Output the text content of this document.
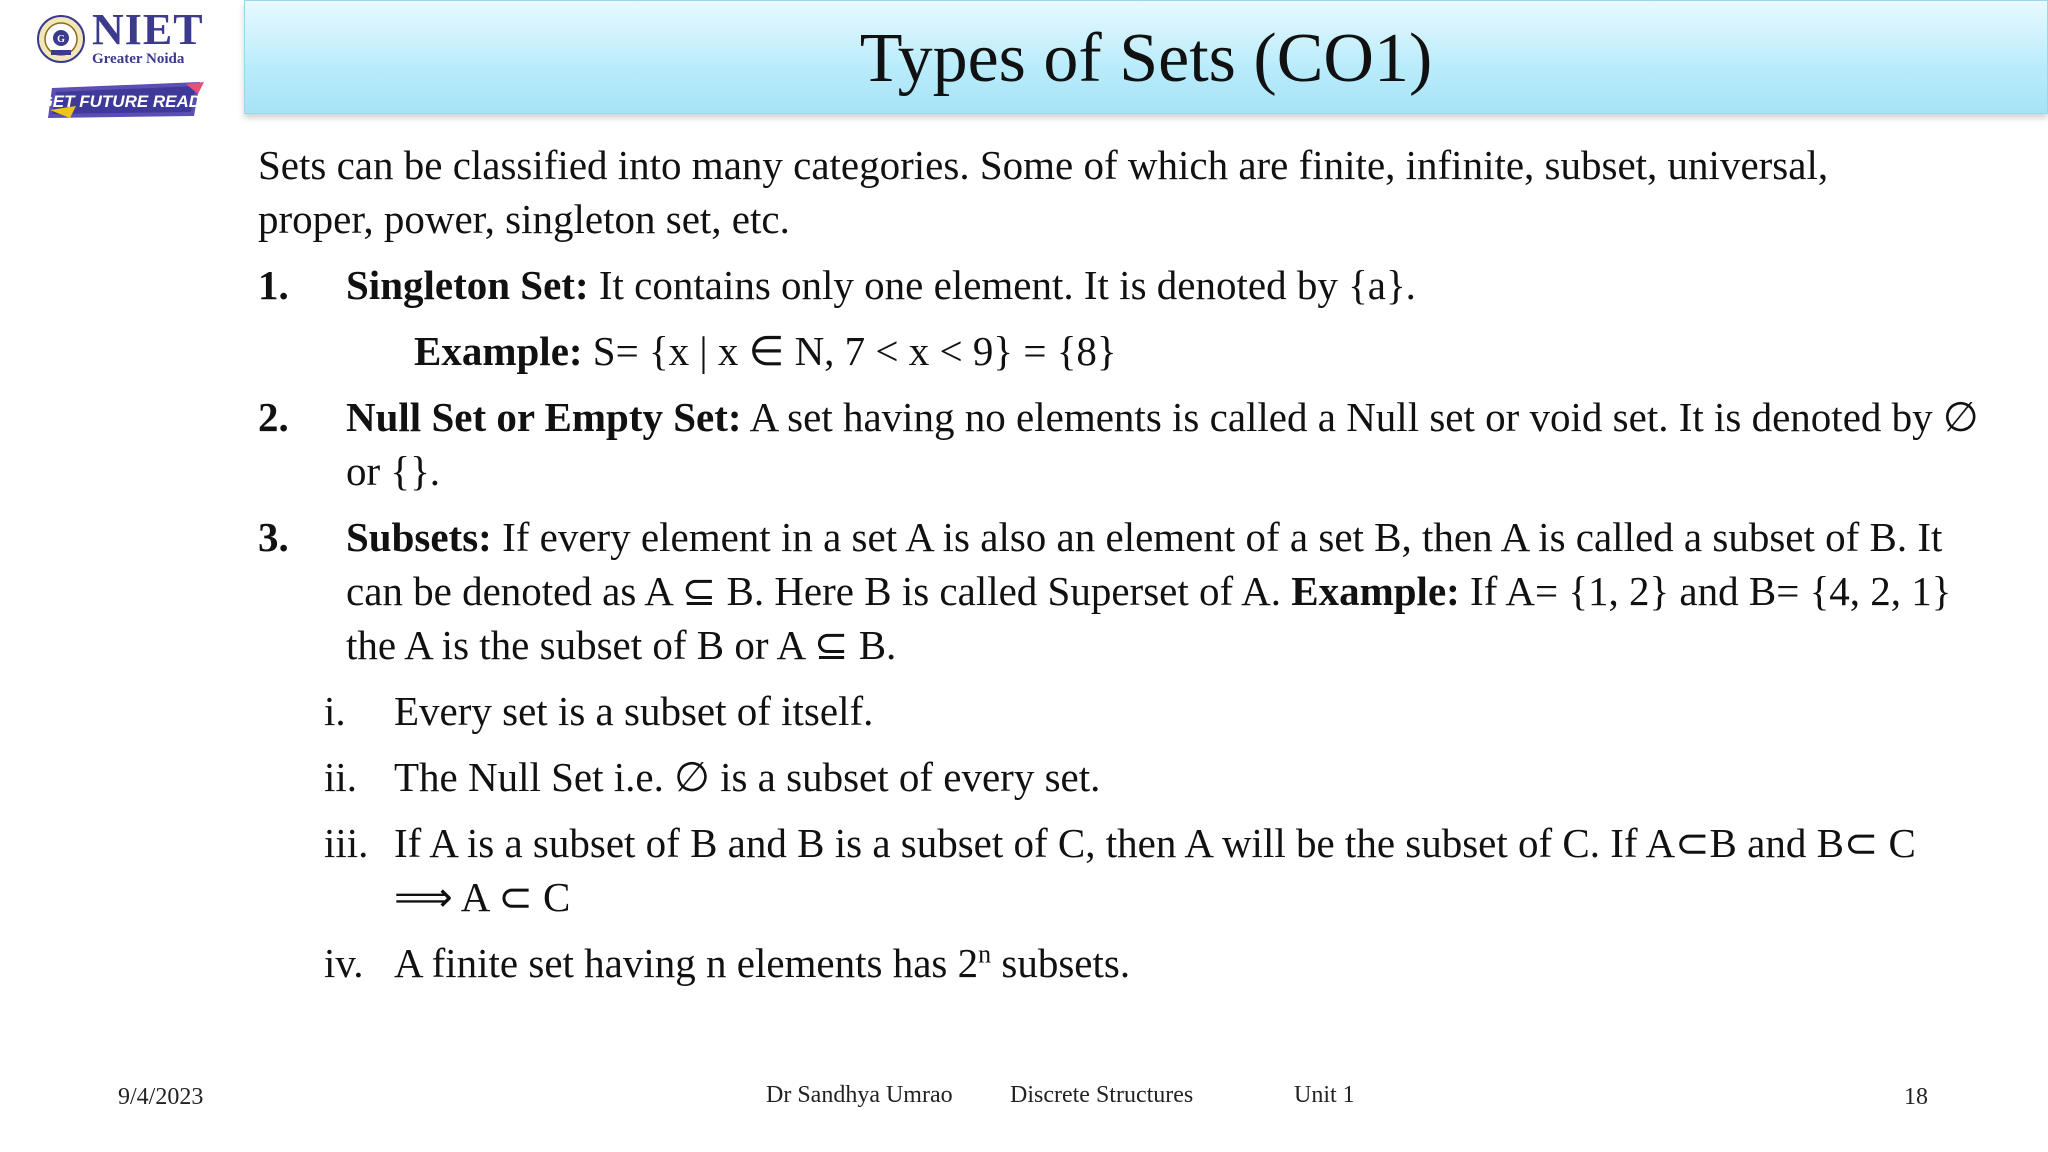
G NIET
Greater Noida
GET FUTURE READY
Types of Sets (CO1)

Sets can be classified into many categories. Some of which are finite, infinite, subset, universal, proper, power, singleton set, etc.

1. Singleton Set: It contains only one element. It is denoted by {a}.
Example: S= {x | x ∈ N, 7 < x < 9} = {8}
2. Null Set or Empty Set: A set having no elements is called a Null set or void set. It is denoted by ∅ or {}.
3. Subsets: If every element in a set A is also an element of a set B, then A is called a subset of B. It can be denoted as A ⊆ B. Here B is called Superset of A. Example: If A= {1, 2} and B= {4, 2, 1} the A is the subset of B or A ⊆ B.
i. Every set is a subset of itself.
ii. The Null Set i.e. ∅ is a subset of every set.
iii. If A is a subset of B and B is a subset of C, then A will be the subset of C. If A⊂B and B⊂ C ⟹ A ⊂ C
iv. A finite set having n elements has 2$^n$ subsets.
9/4/2023	Dr Sandhya Umrao Discrete Structures	Unit 1	18
